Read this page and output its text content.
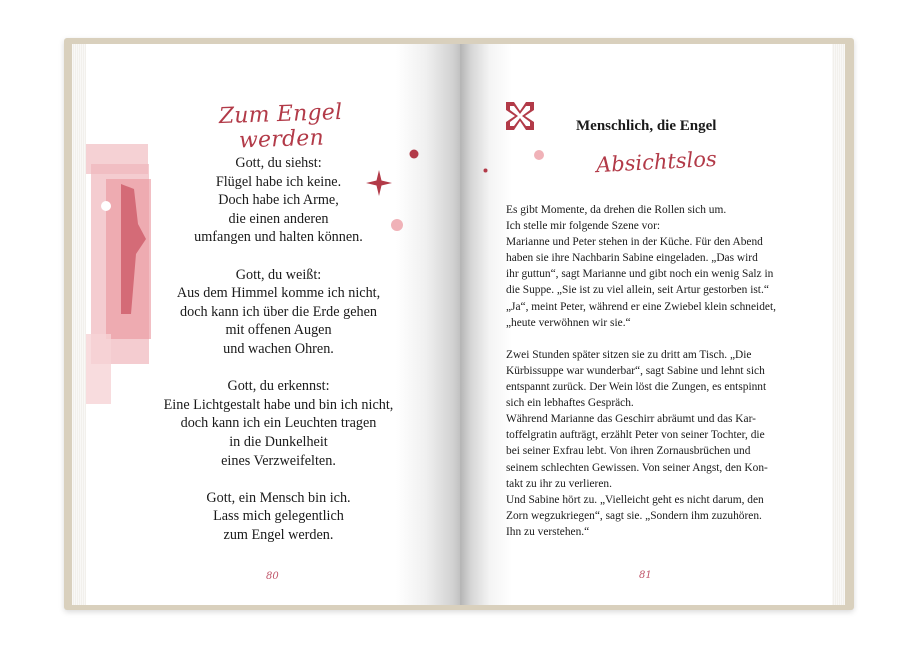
Zum Engel werden
Gott, du siehst:
Flügel habe ich keine.
Doch habe ich Arme,
die einen anderen
umfangen und halten können.
Gott, du weißt:
Aus dem Himmel komme ich nicht,
doch kann ich über die Erde gehen
mit offenen Augen
und wachen Ohren.
Gott, du erkennst:
Eine Lichtgestalt habe und bin ich nicht,
doch kann ich ein Leuchten tragen
in die Dunkelheit
eines Verzweifelten.
Gott, ein Mensch bin ich.
Lass mich gelegentlich
zum Engel werden.
80
Menschlich, die Engel
Absichtslos
Es gibt Momente, da drehen die Rollen sich um.
Ich stelle mir folgende Szene vor:
Marianne und Peter stehen in der Küche. Für den Abend
haben sie ihre Nachbarin Sabine eingeladen. „Das wird
ihr guttun“, sagt Marianne und gibt noch ein wenig Salz in
die Suppe. „Sie ist zu viel allein, seit Artur gestorben ist.“
„Ja“, meint Peter, während er eine Zwiebel klein schneidet,
„heute verwöhnen wir sie.“
Zwei Stunden später sitzen sie zu dritt am Tisch. „Die
Kürbissuppe war wunderbar“, sagt Sabine und lehnt sich
entspannt zurück. Der Wein löst die Zungen, es entspinnt
sich ein lebhaftes Gespräch.
Während Marianne das Geschirr abräumt und das Kar-
toffelgratin aufträgt, erzählt Peter von seiner Tochter, die
bei seiner Exfrau lebt. Von ihren Zornausbrüchen und
seinem schlechten Gewissen. Von seiner Angst, den Kon-
takt zu ihr zu verlieren.
Und Sabine hört zu. „Vielleicht geht es nicht darum, den
Zorn wegzukriegen“, sagt sie. „Sondern ihm zuzuhören.
Ihn zu verstehen.“
81
